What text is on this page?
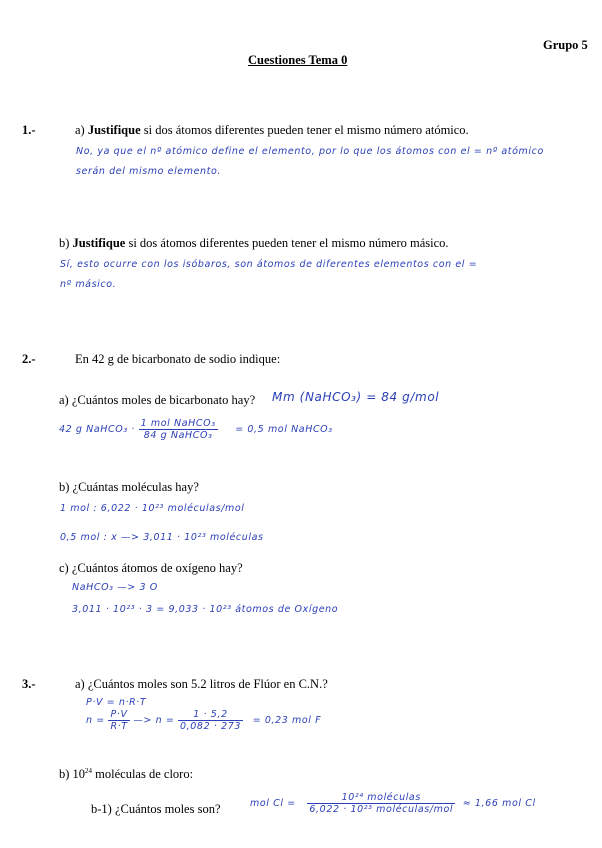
Grupo 5
Cuestiones Tema 0
1.-	a) Justifique si dos átomos diferentes pueden tener el mismo número atómico.
No, ya que el nº atómico define el elemento, por lo que los átomos con el = nº atómico
serán del mismo elemento.
b) Justifique si dos átomos diferentes pueden tener el mismo número másico.
Sí, esto ocurre con los isóbaros, son átomos de diferentes elementos con el =
nº másico.
2.-	En 42 g de bicarbonato de sodio indique:
a) ¿Cuántos moles de bicarbonato hay? Mm (NaHCO₃) = 84 g/mol
42 g NaHCO₃ · $\frac{\text{1 mol NaHCO₃}}{\text{84 g NaHCO₃}} = 0,5$ mol NaHCO₃
b) ¿Cuántas moléculas hay?
1 mol : 6,022 · 10²³ moléculas/mol
0,5 mol : x —> 3,011 · 10²³ moléculas
c) ¿Cuántos átomos de oxígeno hay?
NaHCO₃ —> 3 O
3,011 · 10²³ · 3 = 9,033 · 10²³ átomos de Oxígeno
3.-	a) ¿Cuántos moles son 5.2 litros de Flúor en C.N.?
P·V = n·R·T
$n = \frac{P\cdot V}{R\cdot T}$ —> $n = \frac{1 \cdot 5,2}{0,082 \cdot 273} = 0,23$ mol F
b) $10^{24}$ moléculas de cloro:
b-1) ¿Cuántos moles son?	mol $Cl = \frac{\text{10²⁴ moléculas}}{\text{6,022 · 10²³ moléculas/mol}} \approx 1,66$ mol Cl
